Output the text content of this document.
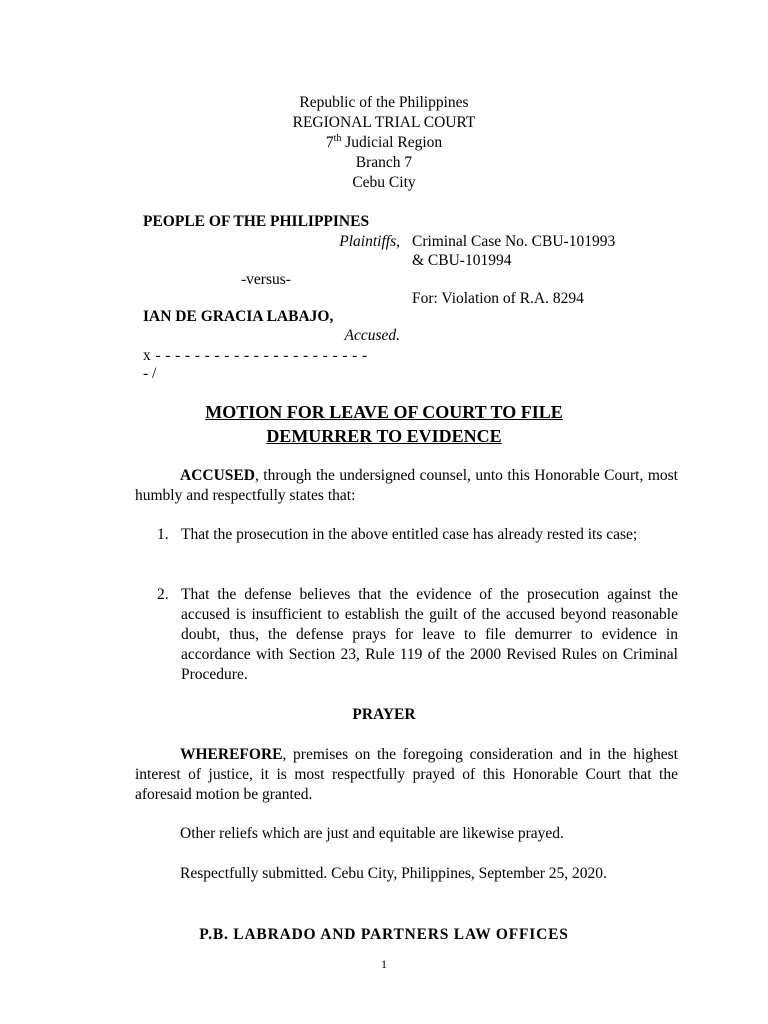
Republic of the Philippines
REGIONAL TRIAL COURT
7th Judicial Region
Branch 7
Cebu City
PEOPLE OF THE PHILIPPINES
Plaintiffs, Criminal Case No. CBU-101993
& CBU-101994
-versus-
For: Violation of R.A. 8294
IAN DE GRACIA LABAJO,
Accused.
x - - - - - - - - - - - - - - - - - - - - - -
- /
MOTION FOR LEAVE OF COURT TO FILE
DEMURRER TO EVIDENCE
ACCUSED, through the undersigned counsel, unto this Honorable Court, most humbly and respectfully states that:
1. That the prosecution in the above entitled case has already rested its case;
2. That the defense believes that the evidence of the prosecution against the accused is insufficient to establish the guilt of the accused beyond reasonable doubt, thus, the defense prays for leave to file demurrer to evidence in accordance with Section 23, Rule 119 of the 2000 Revised Rules on Criminal Procedure.
PRAYER
WHEREFORE, premises on the foregoing consideration and in the highest interest of justice, it is most respectfully prayed of this Honorable Court that the aforesaid motion be granted.
Other reliefs which are just and equitable are likewise prayed.
Respectfully submitted. Cebu City, Philippines, September 25, 2020.
P.B. LABRADO AND PARTNERS LAW OFFICES
1
